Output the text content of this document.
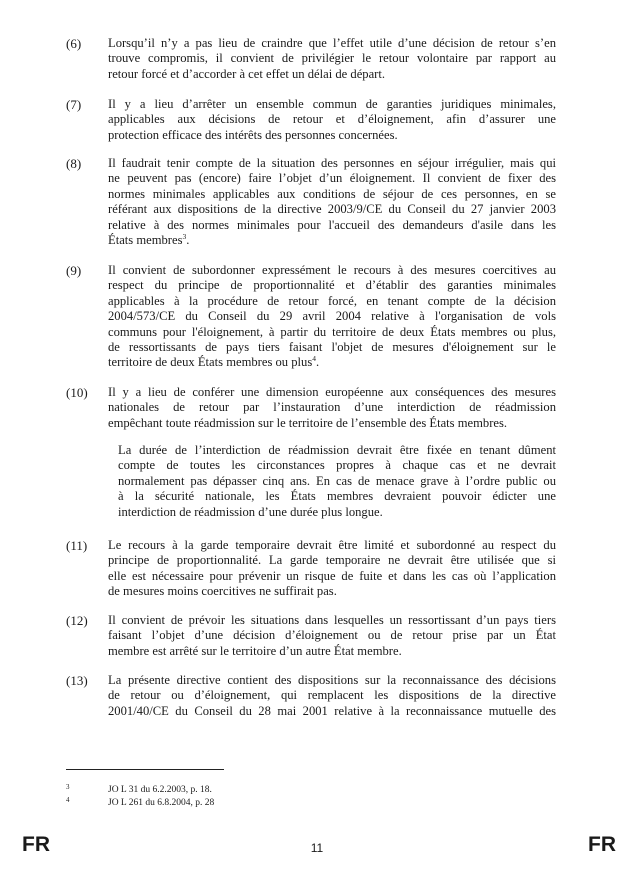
(6) Lorsqu’il n’y a pas lieu de craindre que l’effet utile d’une décision de retour s’en
trouve compromis, il convient de privilégier le retour volontaire par rapport au
retour forcé et d’accorder à cet effet un délai de départ.
(7) Il y a lieu d’arrêter un ensemble commun de garanties juridiques minimales,
applicables aux décisions de retour et d’éloignement, afin d’assurer une
protection efficace des intérêts des personnes concernées.
(8) Il faudrait tenir compte de la situation des personnes en séjour irrégulier, mais qui
ne peuvent pas (encore) faire l’objet d’un éloignement. Il convient de fixer des
normes minimales applicables aux conditions de séjour de ces personnes, en se
référant aux dispositions de la directive 2003/9/CE du Conseil du 27 janvier 2003
relative à des normes minimales pour l'accueil des demandeurs d'asile dans les
États membres$^3$.
(9) Il convient de subordonner expressément le recours à des mesures coercitives au
respect du principe de proportionnalité et d’établir des garanties minimales
applicables à la procédure de retour forcé, en tenant compte de la décision
2004/573/CE du Conseil du 29 avril 2004 relative à l'organisation de vols
communs pour l'éloignement, à partir du territoire de deux États membres ou plus,
de ressortissants de pays tiers faisant l'objet de mesures d'éloignement sur le
territoire de deux États membres ou plus$^4$.
(10) Il y a lieu de conférer une dimension européenne aux conséquences des mesures
nationales de retour par l’instauration d’une interdiction de réadmission
empêchant toute réadmission sur le territoire de l’ensemble des États membres.
La durée de l’interdiction de réadmission devrait être fixée en tenant dûment
compte de toutes les circonstances propres à chaque cas et ne devrait
normalement pas dépasser cinq ans. En cas de menace grave à l’ordre public ou
à la sécurité nationale, les États membres devraient pouvoir édicter une
interdiction de réadmission d’une durée plus longue.
(11) Le recours à la garde temporaire devrait être limité et subordonné au respect du
principe de proportionnalité. La garde temporaire ne devrait être utilisée que si
elle est nécessaire pour prévenir un risque de fuite et dans les cas où l’application
de mesures moins coercitives ne suffirait pas.
(12) Il convient de prévoir les situations dans lesquelles un ressortissant d’un pays tiers
faisant l’objet d’une décision d’éloignement ou de retour prise par un État
membre est arrêté sur le territoire d’un autre État membre.
(13) La présente directive contient des dispositions sur la reconnaissance des décisions
de retour ou d’éloignement, qui remplacent les dispositions de la directive
2001/40/CE du Conseil du 28 mai 2001 relative à la reconnaissance mutuelle des
3	JO L 31 du 6.2.2003, p. 18.
4	JO L 261 du 6.8.2004, p. 28
FR	11	FR
